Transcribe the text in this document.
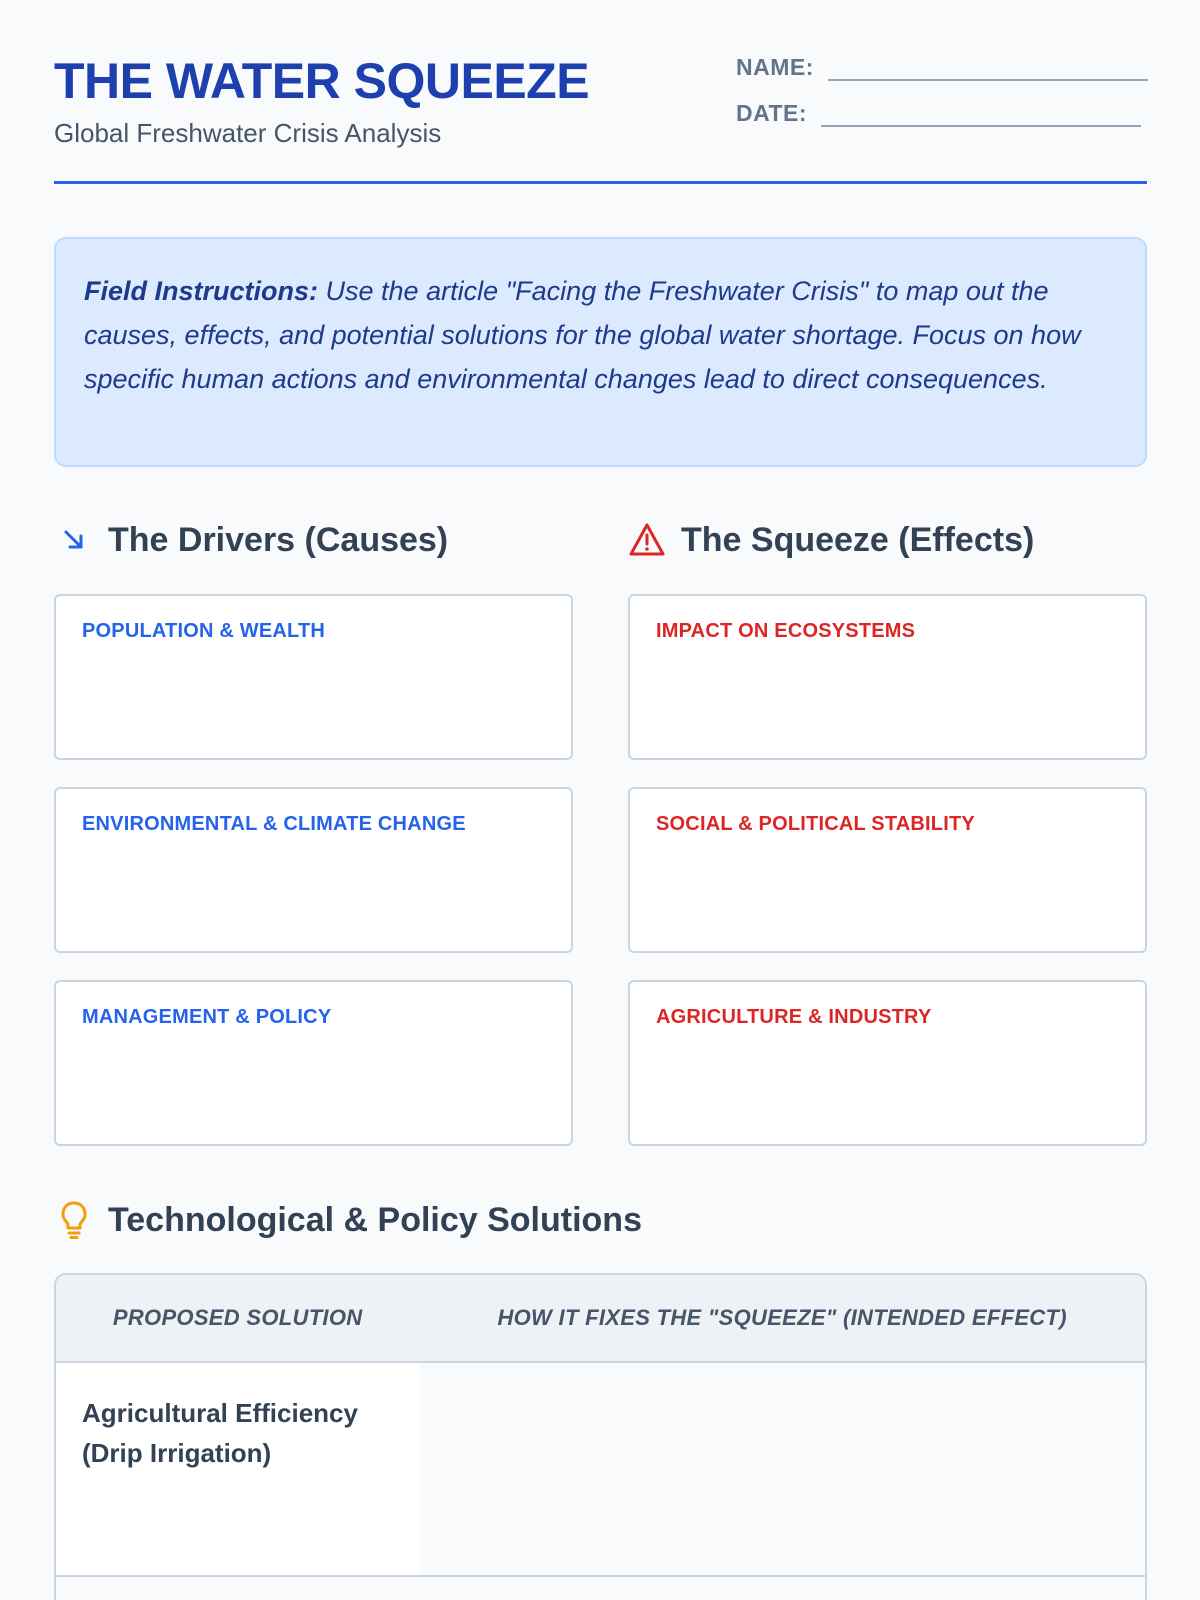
THE WATER SQUEEZE
Global Freshwater Crisis Analysis
NAME:
DATE:
Field Instructions: Use the article "Facing the Freshwater Crisis" to map out the causes, effects, and potential solutions for the global water shortage. Focus on how specific human actions and environmental changes lead to direct consequences.
The Drivers (Causes)	The Squeeze (Effects)
POPULATION & WEALTH
ENVIRONMENTAL & CLIMATE CHANGE
MANAGEMENT & POLICY
IMPACT ON ECOSYSTEMS
SOCIAL & POLITICAL STABILITY
AGRICULTURE & INDUSTRY
Technological & Policy Solutions
PROPOSED SOLUTION	HOW IT FIXES THE "SQUEEZE" (INTENDED EFFECT)
Agricultural Efficiency (Drip Irrigation)
